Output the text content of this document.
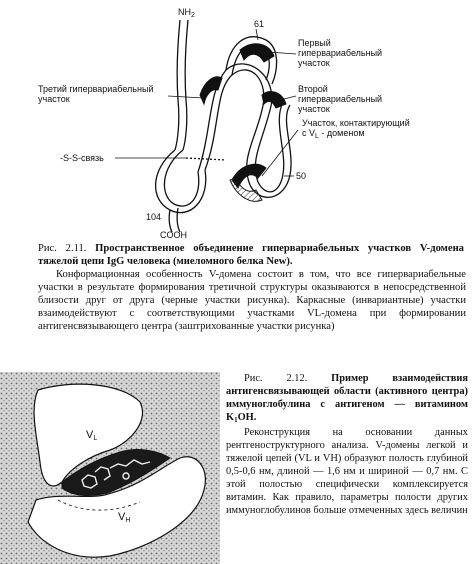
$NH_2$
61
Первый гипервариабельный участок
Второй гипервариабельный участок
Третий гипервариабельный участок
Участок, контактирующий
с $V_L$ - доменом
-S-S-связь
50
104
COOH
Рис. 2.11. Пространственное объединение гипервариабельных участков V-домена тяжелой цепи IgG человека (миеломного белка New).
Конформационная особенность V-домена состоит в том, что все гипервариабельные участки в результате формирования третичной структуры оказываются в непосредственной близости друг от друга (черные участки рисунка). Каркасные (инвариантные) участки взаимодействуют с соответствующими участками VL-домена при формировании антигенсвязывающего центра (заштрихованные участки рисунка)
$V_L$
$V_H$
Рис. 2.12. Пример взаимодействия антигенсвязывающей области (активного центра) иммуноглобулина с антигеном — витамином $K_1OH$.
Реконструкция на основании данных рентгеноструктурного анализа. V-домены легкой и тяжелой цепей (VL и VH) образуют полость глубиной 0,5-0,6 нм, длиной — 1,6 нм и шириной — 0,7 нм. С этой полостью специфически комплексируется витамин. Как правило, параметры полости других иммуноглобулинов больше отмеченных здесь величин
